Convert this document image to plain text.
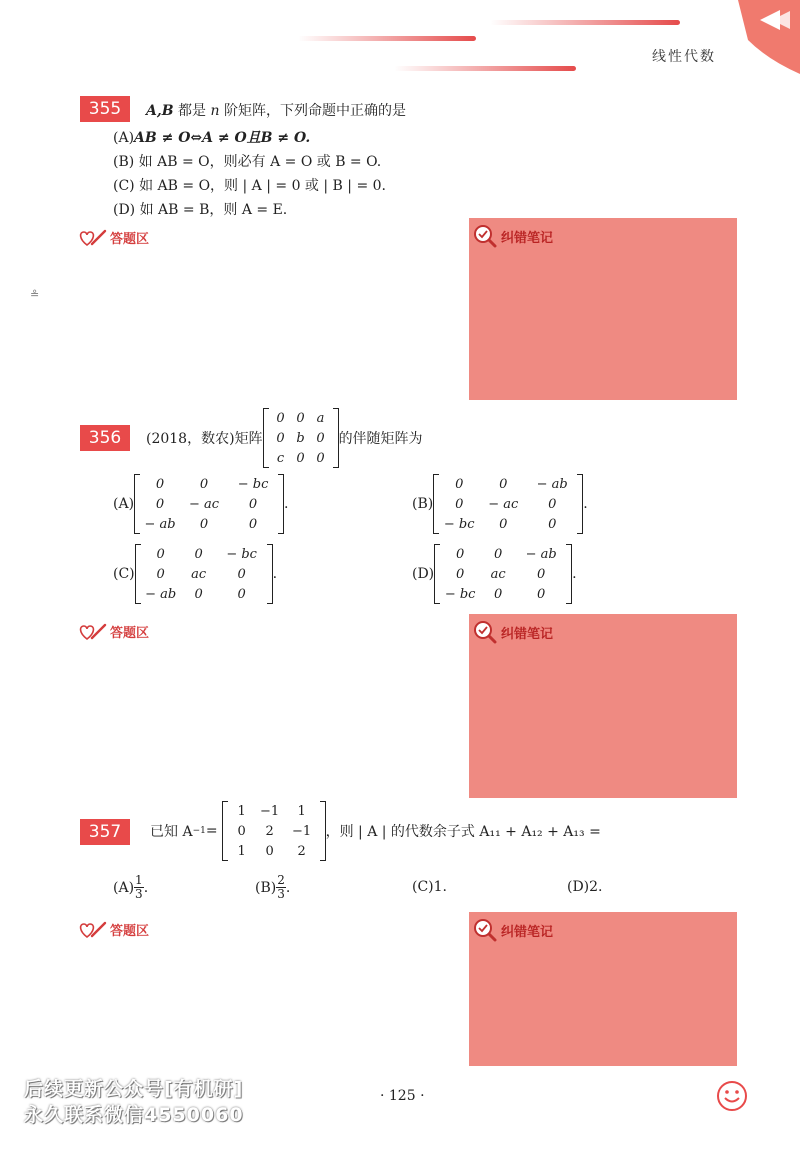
线性代数
≗
355	A,B 都是 n 阶矩阵，下列命题中正确的是
(A)AB ≠ O⇔A ≠ O且B ≠ O.
(B) 如 AB = O，则必有 A = O 或 B = O.
(C) 如 AB = O，则 | A | = 0 或 | B | = 0.
(D) 如 AB = B，则 A = E.
答题区	纠错笔记
356	(2018，数农) 矩阵
0 0 a
0 b 0
c 0 0
的伴随矩阵为
(A)
0	0 − bc
0 − ac 0
− ab 0	0
.	(B)
0	0 − ab
0 − ac 0
− bc 0	0
.
(C)
0 0 − bc
0 ac 0
− ab 0	0
.	(D)
0 0 − ab
0 ac 0
− bc 0	0
.
答题区	纠错笔记
357	已知 A −1 =
1 −1 1
0 2 −1
1 0 2
，则 | A | 的代数余子式 A₁₁ + A₁₂ + A₁₃ =
$(A) \frac{1}{3}$ .	$(B) \frac{2}{3}$ .	(C)1.	(D)2.
答题区	纠错笔记
后续更新公众号[有机研]
永久联系微信4550060
· 125 ·
